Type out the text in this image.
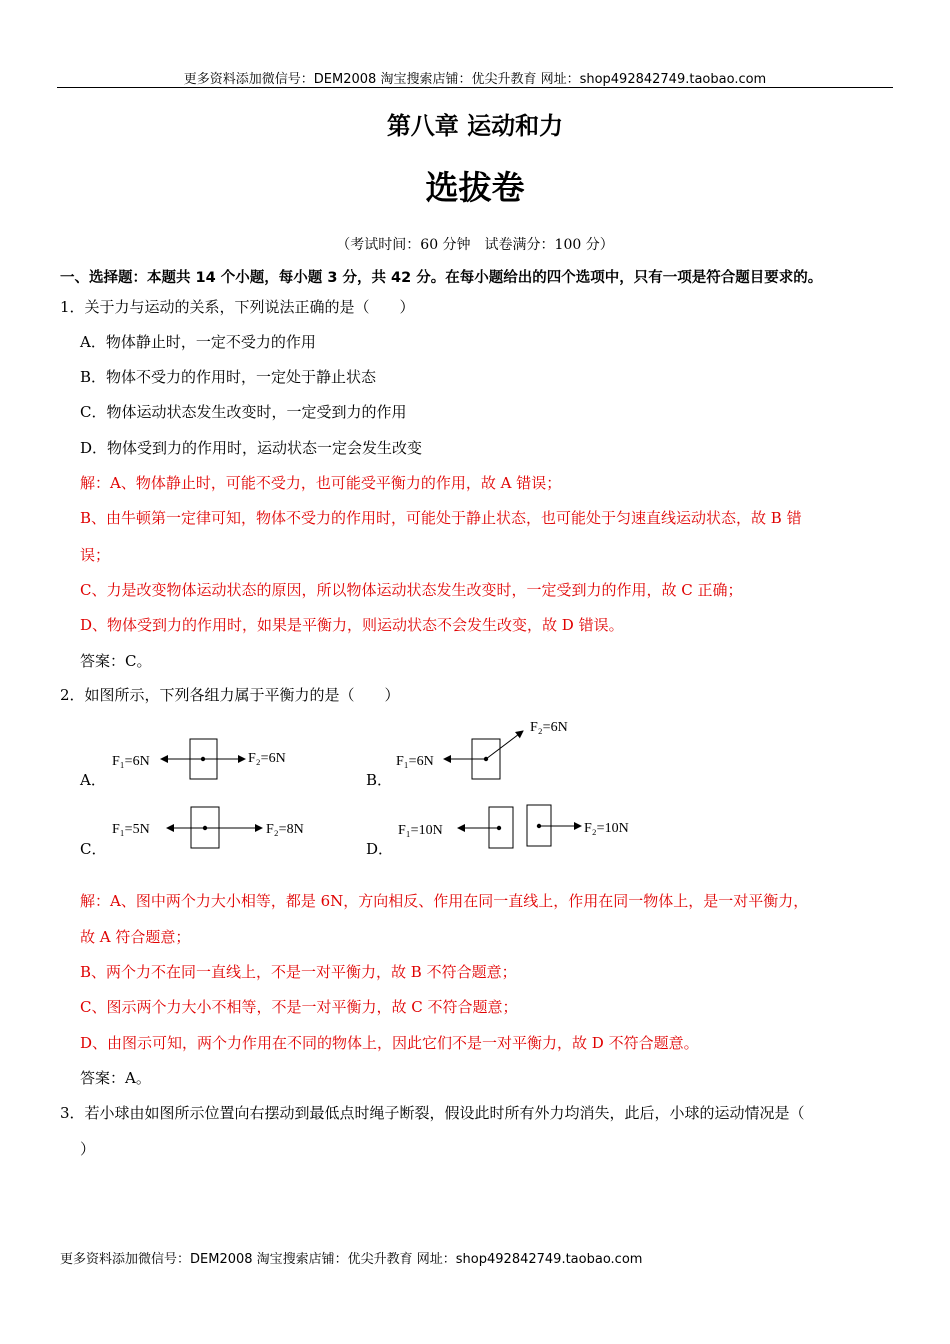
更多资料添加微信号：DEM2008 淘宝搜索店铺：优尖升教育 网址：shop492842749.taobao.com
第八章 运动和力
选拔卷
（考试时间：60 分钟　试卷满分：100 分）
一、选择题：本题共 14 个小题，每小题 3 分，共 42 分。在每小题给出的四个选项中，只有一项是符合题目要求的。
1．关于力与运动的关系，下列说法正确的是（　　）
A．物体静止时，一定不受力的作用
B．物体不受力的作用时，一定处于静止状态
C．物体运动状态发生改变时，一定受到力的作用
D．物体受到力的作用时，运动状态一定会发生改变
解：A、物体静止时，可能不受力，也可能受平衡力的作用，故 A 错误；
B、由牛顿第一定律可知，物体不受力的作用时，可能处于静止状态，也可能处于匀速直线运动状态，故 B 错
误；
C、力是改变物体运动状态的原因，所以物体运动状态发生改变时，一定受到力的作用，故 C 正确；
D、物体受到力的作用时，如果是平衡力，则运动状态不会发生改变，故 D 错误。
答案：C。
2．如图所示，下列各组力属于平衡力的是（　　）
A．	B．
C．	D．
F₁=6N	F₂=6N	F₁=6N
F₂=6N
F₁=5N	F₂=8N	F₁=10N	F₂=10N
解：A、图中两个力大小相等，都是 6N，方向相反、作用在同一直线上，作用在同一物体上，是一对平衡力，
故 A 符合题意；
B、两个力不在同一直线上，不是一对平衡力，故 B 不符合题意；
C、图示两个力大小不相等，不是一对平衡力，故 C 不符合题意；
D、由图示可知，两个力作用在不同的物体上，因此它们不是一对平衡力，故 D 不符合题意。
答案：A。
3．若小球由如图所示位置向右摆动到最低点时绳子断裂，假设此时所有外力均消失，此后，小球的运动情况是（
）
更多资料添加微信号：DEM2008 淘宝搜索店铺：优尖升教育 网址：shop492842749.taobao.com
